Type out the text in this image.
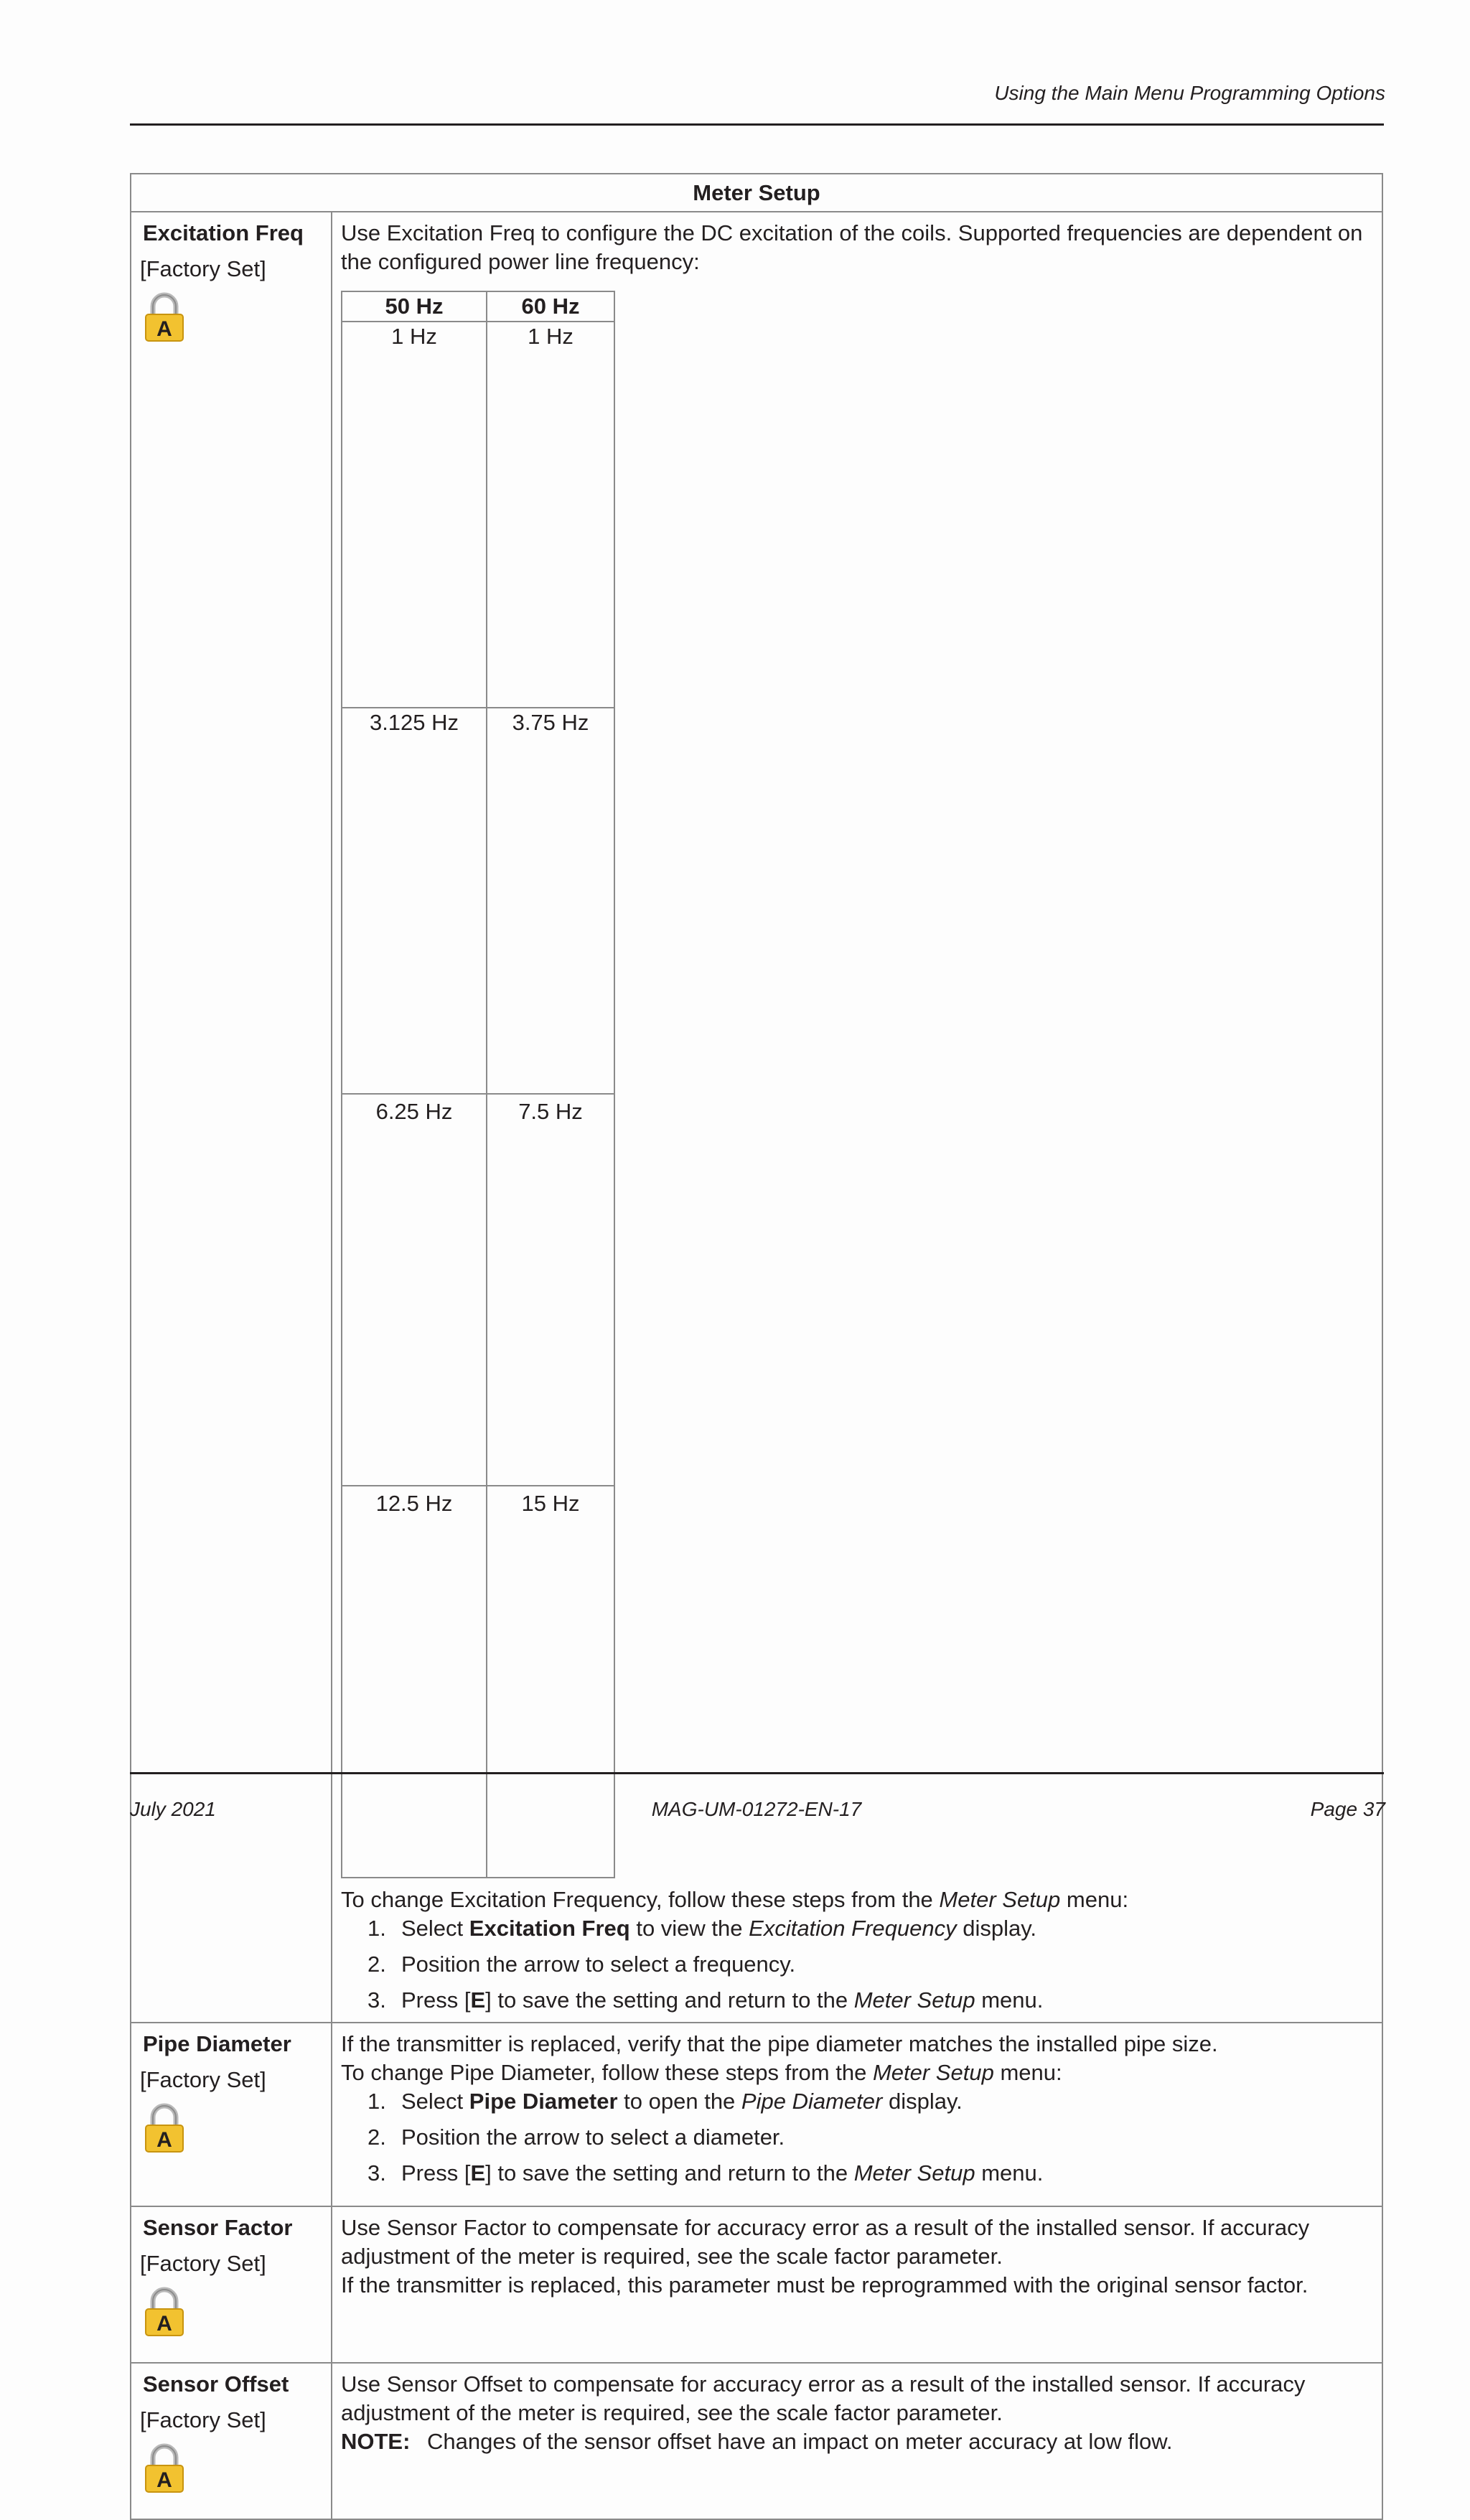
Using the Main Menu Programming Options
Meter Setup

Excitation Freq
[Factory Set]
A

Use Excitation Freq to configure the DC excitation of the coils. Supported frequencies are dependent on the configured power line frequency:
50 Hz	60 Hz
1 Hz	1 Hz
3.125 Hz	3.75 Hz
6.25 Hz	7.5 Hz
12.5 Hz	15 Hz
To change Excitation Frequency, follow these steps from the Meter Setup menu:
1. Select Excitation Freq to view the Excitation Frequency display.
2. Position the arrow to select a frequency.
3. Press [E] to save the setting and return to the Meter Setup menu.

Pipe Diameter
[Factory Set]
A

If the transmitter is replaced, verify that the pipe diameter matches the installed pipe size.
To change Pipe Diameter, follow these steps from the Meter Setup menu:
1. Select Pipe Diameter to open the Pipe Diameter display.
2. Position the arrow to select a diameter.
3. Press [E] to save the setting and return to the Meter Setup menu.

Sensor Factor
[Factory Set]
A

Use Sensor Factor to compensate for accuracy error as a result of the installed sensor. If accuracy adjustment of the meter is required, see the scale factor parameter.
If the transmitter is replaced, this parameter must be reprogrammed with the original sensor factor.

Sensor Offset
[Factory Set]
A

Use Sensor Offset to compensate for accuracy error as a result of the installed sensor. If accuracy adjustment of the meter is required, see the scale factor parameter.
NOTE: Changes of the sensor offset have an impact on meter accuracy at low flow.
July 2021	MAG-UM-01272-EN-17	Page 37
